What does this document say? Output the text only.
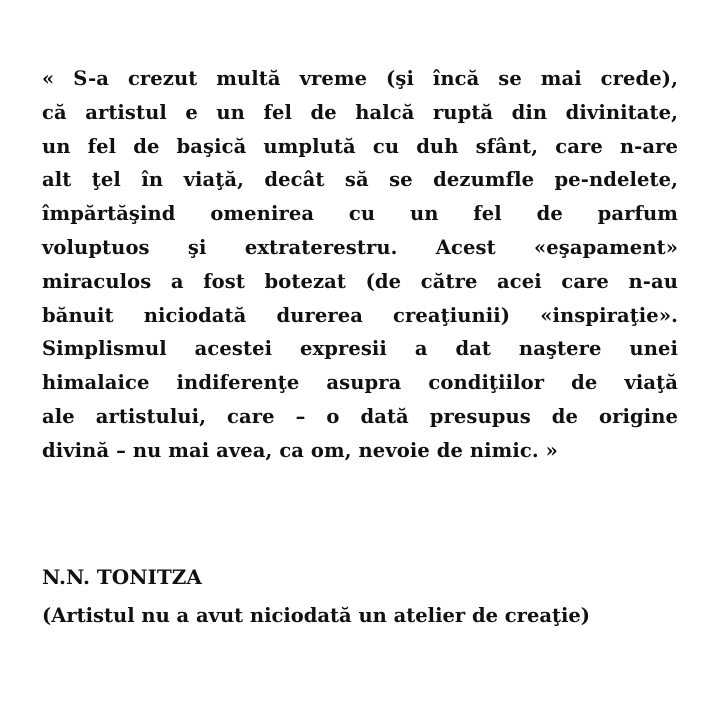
« S-a crezut multă vreme (şi încă se mai crede),
că artistul e un fel de halcă ruptă din divinitate,
un fel de başică umplută cu duh sfânt, care n-are
alt ţel în viaţă, decât să se dezumfle pe-ndelete,
împărtăşind omenirea cu un fel de parfum
voluptuos şi extraterestru. Acest «eşapament»
miraculos a fost botezat (de către acei care n-au
bănuit niciodată durerea creaţiunii) «inspiraţie».
Simplismul acestei expresii a dat naştere unei
himalaice indiferenţe asupra condiţiilor de viaţă
ale artistului, care – o dată presupus de origine
divină – nu mai avea, ca om, nevoie de nimic. »

N.N. TONITZA

(Artistul nu a avut niciodată un atelier de creaţie)
